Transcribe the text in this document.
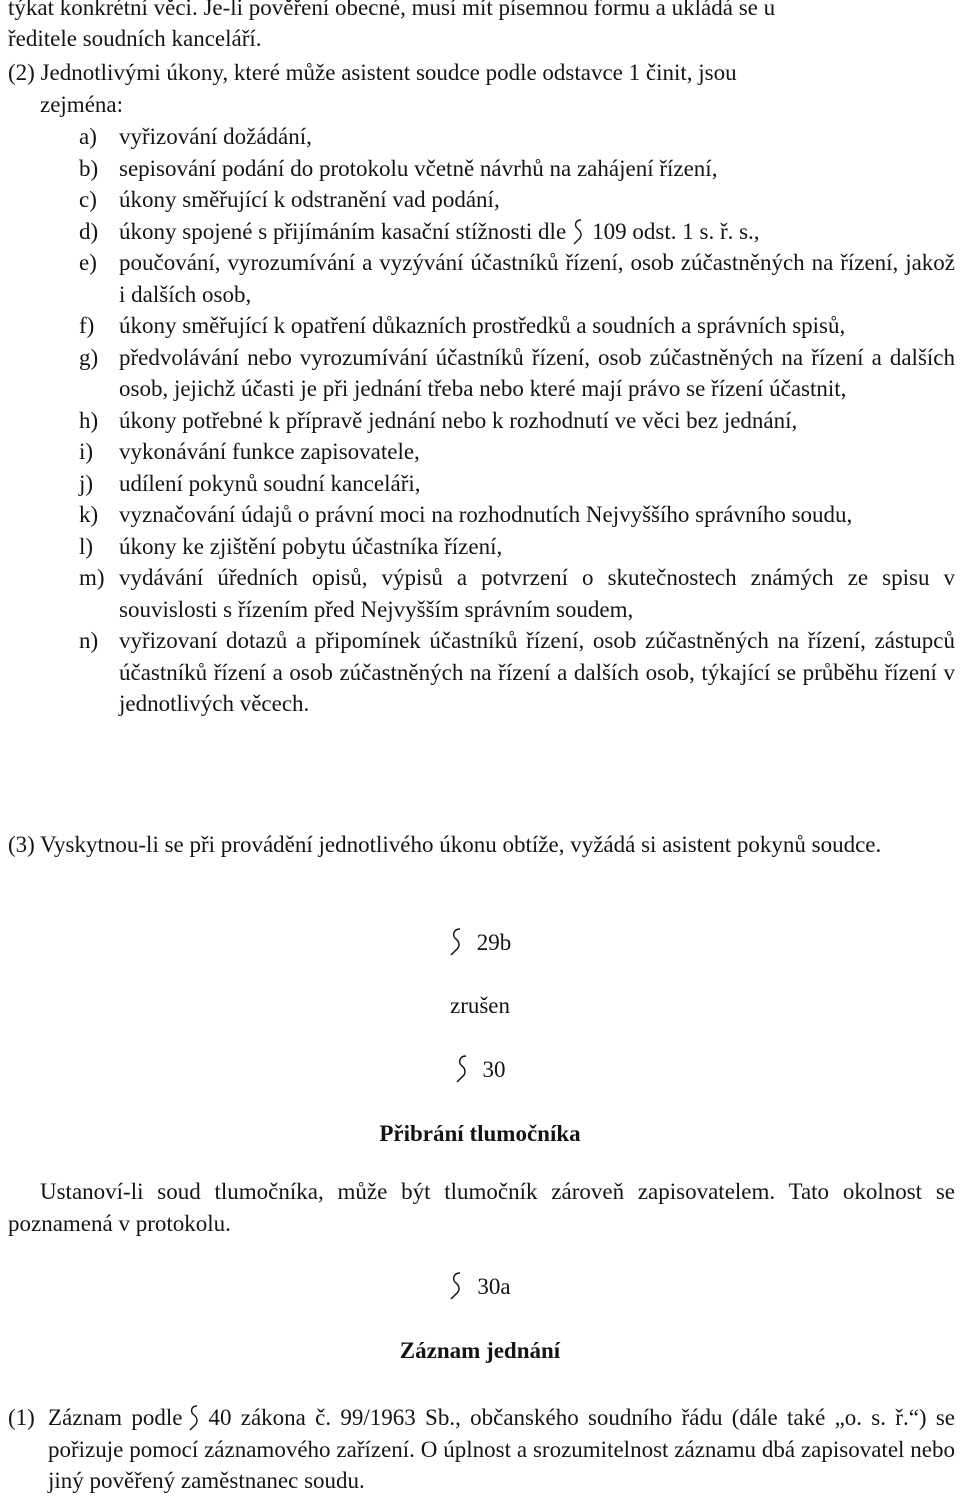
týkat konkrétní věci. Je-li pověření obecné, musí mít písemnou formu a ukládá se u

ředitele soudních kanceláří.

(2) Jednotlivými úkony, které může asistent soudce podle odstavce 1 činit, jsou

zejména:

a) vyřizování dožádání,
b) sepisování podání do protokolu včetně návrhů na zahájení řízení,
c) úkony směřující k odstranění vad podání,
d) úkony spojené s přijímáním kasační stížnosti dle 109 odst. 1 s. ř. s.,
e) poučování, vyrozumívání a vyzývání účastníků řízení, osob zúčastněných na řízení, jakož i dalších osob,
f)	úkony směřující k opatření důkazních prostředků a soudních a správních spisů,
g) předvolávání nebo vyrozumívání účastníků řízení, osob zúčastněných na řízení a dalších osob, jejichž účasti je při jednání třeba nebo které mají právo se řízení účastnit,
h) úkony potřebné k přípravě jednání nebo k rozhodnutí ve věci bez jednání,
i)	vykonávání funkce zapisovatele,
j)	udílení pokynů soudní kanceláři,
k) vyznačování údajů o právní moci na rozhodnutích Nejvyššího správního soudu,
l)	úkony ke zjištění pobytu účastníka řízení,
m) vydávání úředních opisů, výpisů a potvrzení o skutečnostech známých ze spisu v souvislosti s řízením před Nejvyšším správním soudem,
n) vyřizovaní dotazů a připomínek účastníků řízení, osob zúčastněných na řízení, zástupců účastníků řízení a osob zúčastněných na řízení a dalších osob, týkající se průběhu řízení v jednotlivých věcech.
(3) Vyskytnou-li se při provádění jednotlivého úkonu obtíže, vyžádá si asistent pokynů soudce.
29b
zrušen
30
Přibrání tlumočníka

Ustanoví-li soud tlumočníka, může být tlumočník zároveň zapisovatelem. Tato okolnost se poznamená v protokolu.

30a
Záznam jednání
(1) Záznam podle 40 zákona č. 99/1963 Sb., občanského soudního řádu (dále také „o. s. ř.“) se pořizuje pomocí záznamového zařízení. O úplnost a srozumitelnost záznamu dbá zapisovatel nebo jiný pověřený zaměstnanec soudu.
